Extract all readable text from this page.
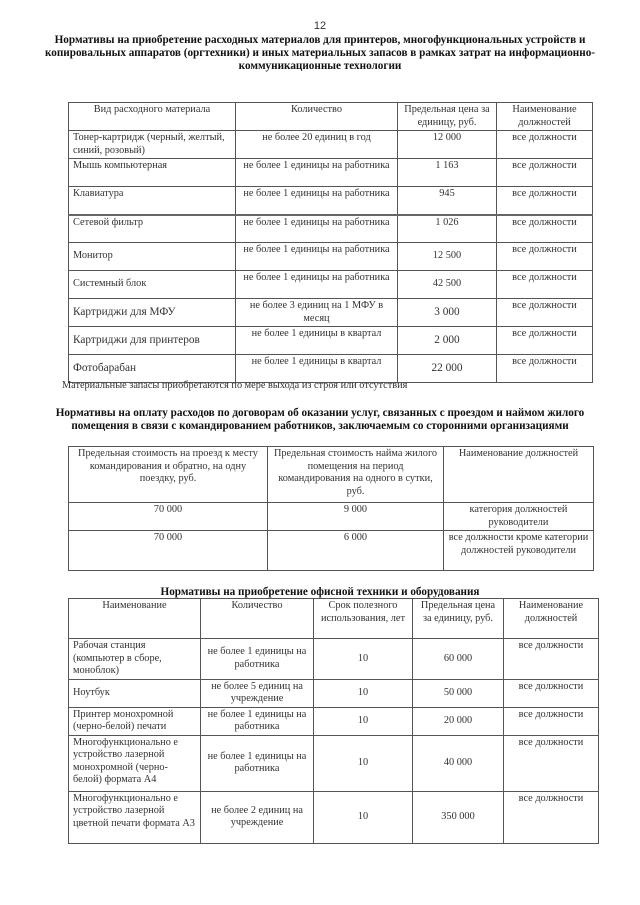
12
Нормативы на приобретение расходных материалов для принтеров, многофункциональных устройств и копировальных аппаратов (оргтехники) и иных материальных запасов в рамках затрат на информационно-коммуникационные технологии
Вид расходного материала	Количество	Предельная цена за единицу, руб.	Наименование должностей
Тонер-картридж (черный, желтый, синий, розовый)	не более 20 единиц в год	12 000	все должности
Мышь компьютерная	не более 1 единицы на работника	1 163	все должности
Клавиатура	не более 1 единицы на работника	945	все должности
Сетевой фильтр	не более 1 единицы на работника	1 026	все должности
Монитор	не более 1 единицы на работника	12 500	все должности
Системный блок	не более 1 единицы на работника	42 500	все должности
Картриджи для МФУ	не более 3 единиц на 1 МФУ в месяц	3 000	все должности
Картриджи для принтеров	не более 1 единицы в квартал	2 000	все должности
Фотобарабан	не более 1 единицы в квартал	22 000	все должности
Материальные запасы приобретаются по мере выхода из строя или отсутствия
Нормативы на оплату расходов по договорам об оказании услуг, связанных с проездом и наймом жилого помещения в связи с командированием работников, заключаемым со сторонними организациями
Предельная стоимость на проезд к месту командирования и обратно, на одну поездку, руб.	Предельная стоимость найма жилого помещения на период командирования на одного в сутки, руб.	Наименование должностей
70 000	9 000	категория должностей руководители
70 000	6 000	все должности кроме категории должностей руководители
Нормативы на приобретение офисной техники и оборудования
Наименование	Количество	Срок полезного использования, лет	Предельная цена за единицу, руб.	Наименование должностей
Рабочая станция (компьютер в сборе, моноблок)	не более 1 единицы на работника	10	60 000	все должности
Ноутбук	не более 5 единиц на учреждение	10	50 000	все должности
Принтер монохромной (черно-белой) печати	не более 1 единицы на работника	10	20 000	все должности
Многофункционально е устройство лазерной монохромной (черно-белой) формата А4	не более 1 единицы на работника	10	40 000	все должности
Многофункционально е устройство лазерной цветной печати формата А3	не более 2 единиц на учреждение	10	350 000	все должности
